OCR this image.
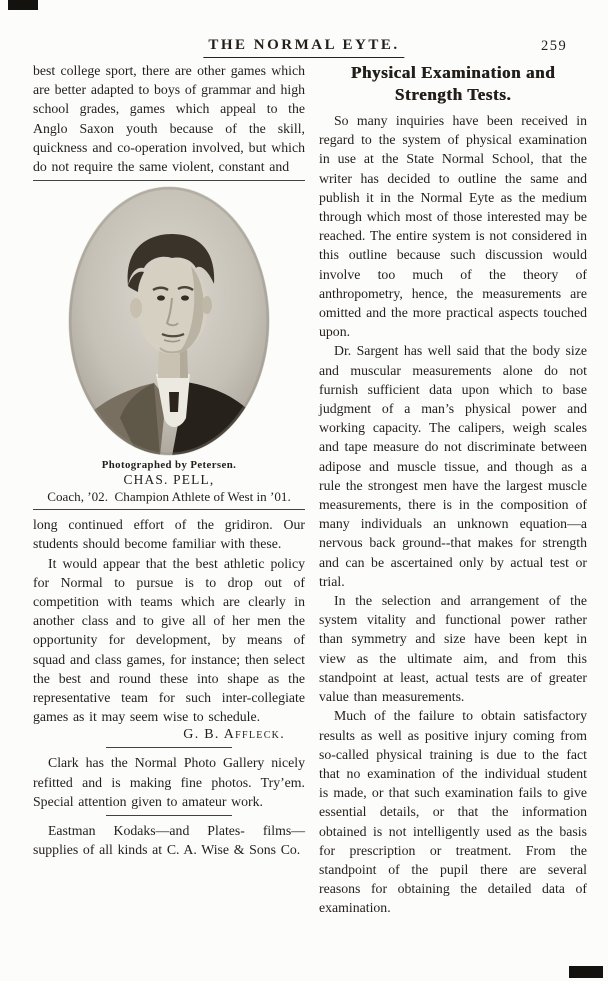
THE NORMAL EYTE.	259

best college sport, there are other games which are better adapted to boys of grammar and high school grades, games which appeal to the Anglo Saxon youth because of the skill, quickness and co-operation involved, but which do not require the same violent, constant and

Photographed by Petersen.
CHAS. PELL,
Coach, ’02.  Champion Athlete of West in ’01.

long continued effort of the gridiron. Our students should become familiar with these.

It would appear that the best athletic policy for Normal to pursue is to drop out of competition with teams which are clearly in another class and to give all of her men the opportunity for development, by means of squad and class games, for instance; then select the best and round these into shape as the representative team for such inter-collegiate games as it may seem wise to schedule.

G. B. Affleck.

Clark has the Normal Photo Gallery nicely refitted and is making fine photos. Try’em. Special attention given to amateur work.

Eastman Kodaks—and Plates- films— supplies of all kinds at C. A. Wise & Sons Co.

Physical Examination and
Strength Tests.

So many inquiries have been received in regard to the system of physical examination in use at the State Normal School, that the writer has decided to outline the same and publish it in the Normal Eyte as the medium through which most of those interested may be reached. The entire system is not considered in this outline because such discussion would involve too much of the theory of anthropometry, hence, the measurements are omitted and the more practical aspects touched upon.

Dr. Sargent has well said that the body size and muscular measurements alone do not furnish sufficient data upon which to base judgment of a man’s physical power and working capacity. The calipers, weigh scales and tape measure do not discriminate between adipose and muscle tissue, and though as a rule the strongest men have the largest muscle measurements, there is in the composition of many individuals an unknown equation—a nervous back ground--that makes for strength and can be ascertained only by actual test or trial.

In the selection and arrangement of the system vitality and functional power rather than symmetry and size have been kept in view as the ultimate aim, and from this standpoint at least, actual tests are of greater value than measurements.

Much of the failure to obtain satisfactory results as well as positive injury coming from so-called physical training is due to the fact that no examination of the individual student is made, or that such examination fails to give essential details, or that the information obtained is not intelligently used as the basis for prescription or treatment. From the standpoint of the pupil there are several reasons for obtaining the detailed data of examination.
